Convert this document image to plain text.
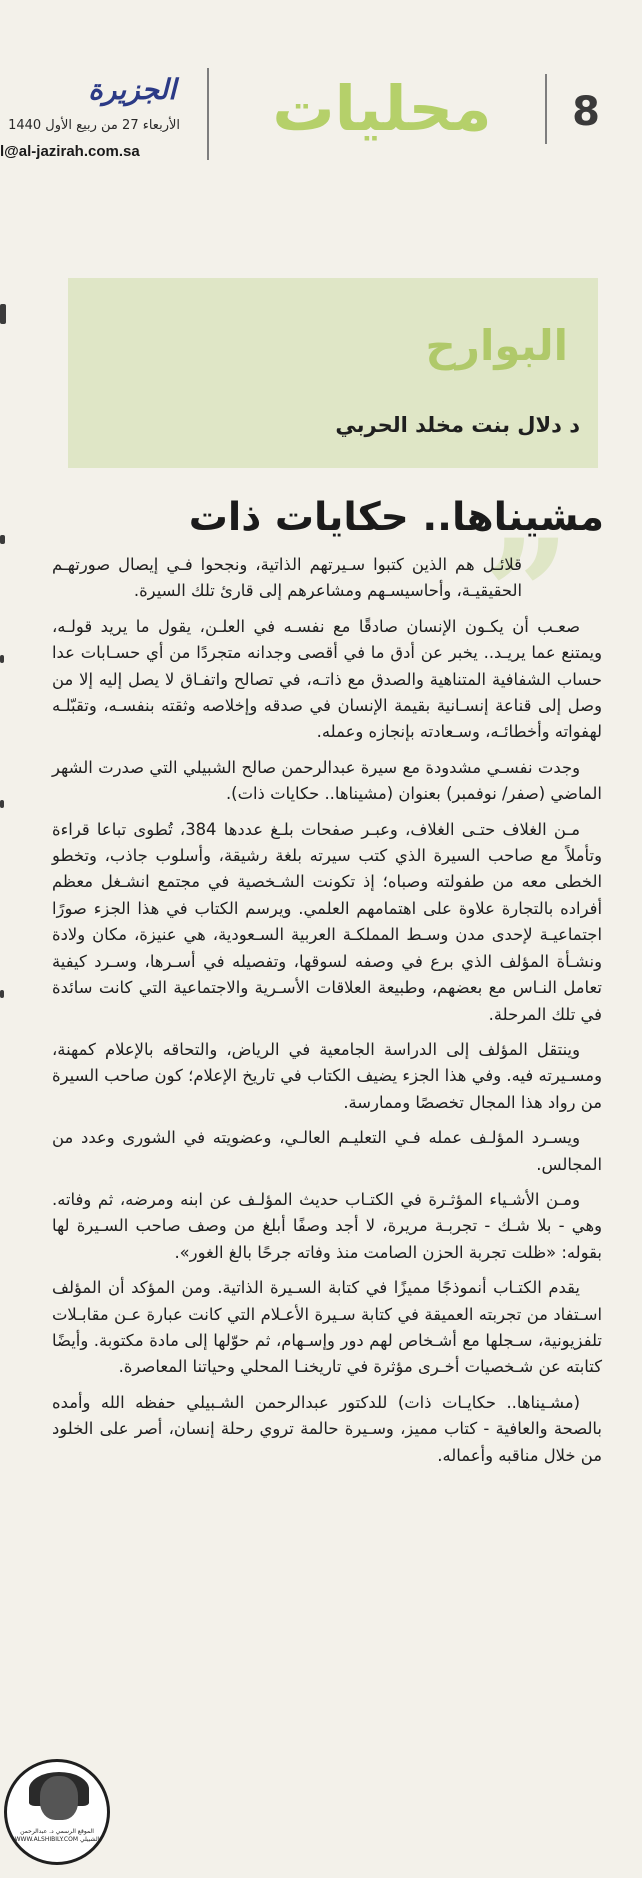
8
محليات
الجزيرة
الأربعاء 27 من ربيع الأول 1440
l@al-jazirah.com.sa
البوارح
د دلال بنت مخلد الحربي
مشيناها.. حكايات ذات
”

قلائـل هم الذين كتبوا سـيرتهم الذاتية، ونجحوا فـي إيصال صورتهـم الحقيقيـة، وأحاسيسـهم ومشاعرهم إلى قارئ تلك السيرة.

صعـب أن يكـون الإنسان صادقًا مع نفسـه في العلـن، يقول ما يريد قولـه، ويمتنع عما يريـد.. يخبر عن أدق ما في أقصى وجدانه متجردًا من أي حسـابات عدا حساب الشفافية المتناهية والصدق مع ذاتـه، في تصالح واتفـاق لا يصل إليه إلا من وصل إلى قناعة إنسـانية بقيمة الإنسان في صدقه وإخلاصه وثقته بنفسـه، وتقبّلـه لهفواته وأخطائـه، وسـعادته بإنجازه وعمله.

وجدت نفسـي مشدودة مع سيرة عبدالرحمن صالح الشبيلي التي صدرت الشهر الماضي (صفر/ نوفمبر) بعنوان (مشيناها.. حكايات ذات).

مـن الغلاف حتـى الغلاف، وعبـر صفحات بلـغ عددها 384، تُطوى تباعا قراءة وتأملاً مع صاحب السيرة الذي كتب سيرته بلغة رشيقة، وأسلوب جاذب، وتخطو الخطى معه من طفولته وصباه؛ إذ تكونت الشـخصية في مجتمع انشـغل معظم أفراده بالتجارة علاوة على اهتمامهم العلمي. ويرسم الكتاب في هذا الجزء صورًا اجتماعيـة لإحدى مدن وسـط المملكـة العربية السـعودية، هي عنيزة، مكان ولادة ونشـأة المؤلف الذي برع في وصفه لسوقها، وتفصيله في أسـرها، وسـرد كيفية تعامل النـاس مع بعضهم، وطبيعة العلاقات الأسـرية والاجتماعية التي كانت سائدة في تلك المرحلة.

وينتقل المؤلف إلى الدراسة الجامعية في الرياض، والتحاقه بالإعلام كمهنة، ومسـيرته فيه. وفي هذا الجزء يضيف الكتاب في تاريخ الإعلام؛ كون صاحب السيرة من رواد هذا المجال تخصصًا وممارسة.

ويسـرد المؤلـف عمله فـي التعليـم العالـي، وعضويته في الشورى وعدد من المجالس.

ومـن الأشـياء المؤثـرة في الكتـاب حديث المؤلـف عن ابنه ومرضه، ثم وفاته. وهي - بلا شـك - تجربـة مريرة، لا أجد وصفًا أبلغ من وصف صاحب السـيرة لها بقوله: «ظلت تجربة الحزن الصامت منذ وفاته جرحًا بالغ الغور».

يقدم الكتـاب أنموذجًا مميزًا في كتابة السـيرة الذاتية. ومن المؤكد أن المؤلف اسـتفاد من تجربته العميقة في كتابة سـيرة الأعـلام التي كانت عبارة عـن مقابـلات تلفزيونية، سـجلها مع أشـخاص لهم دور وإسـهام، ثم حوّلها إلى مادة مكتوبة. وأيضًا كتابته عن شـخصيات أخـرى مؤثرة في تاريخنـا المحلي وحياتنا المعاصرة.

(مشـيناها.. حكايـات ذات) للدكتور عبدالرحمن الشـبيلي حفظه الله وأمده بالصحة والعافية - كتاب مميز، وسـيرة حالمة تروي رحلة إنسان، أصر على الخلود من خلال مناقبه وأعماله.

الموقع الرسمي د. عبدالرحمن الشبيلي WWW.ALSHIBILY.COM
